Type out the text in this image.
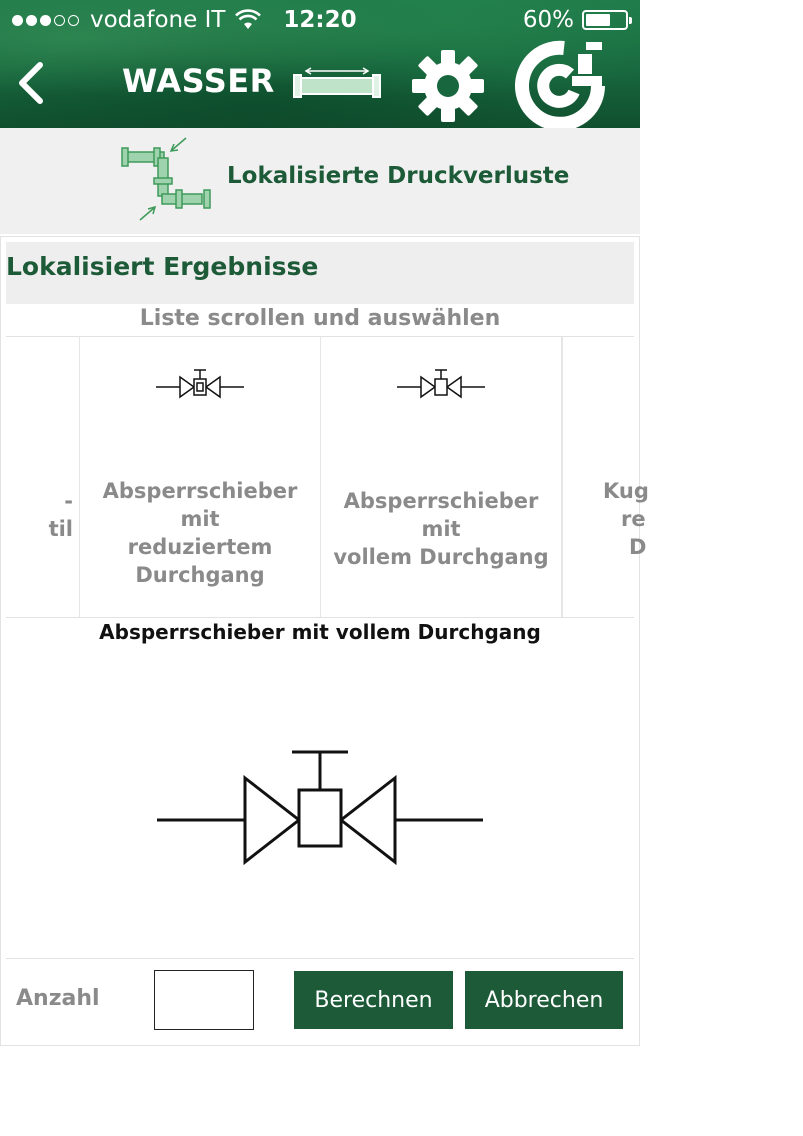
vodafone IT	12:20	60%
WASSER
Lokalisierte Druckverluste
Lokalisiert Ergebnisse
Liste scrollen und auswählen
-
til
Absperrschieber mit
reduziertem
Durchgang
Absperrschieber mit
vollem Durchgang
Kug
re
D
Absperrschieber mit vollem Durchgang
Anzahl	Berechnen	Abbrechen
